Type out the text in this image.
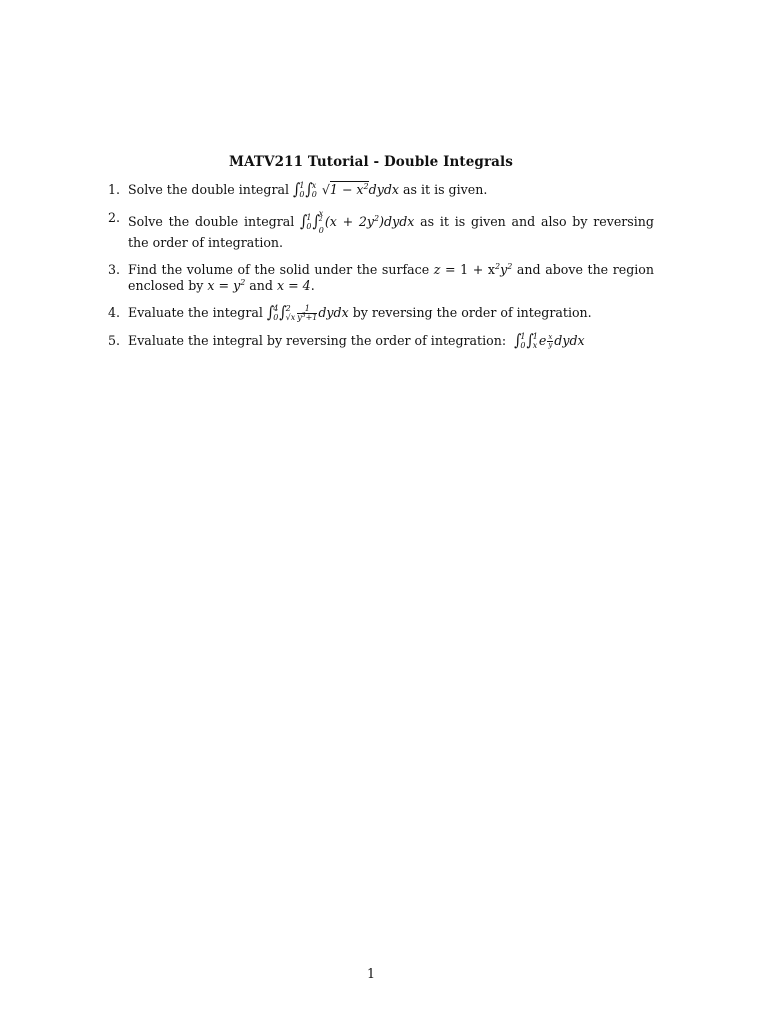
MATV211 Tutorial - Double Integrals
1. Solve the double integral ∫ 1
0 ∫ x
0 $√1 - x^2dydx$ as it is given.
2. Solve the double integral ∫ 1
0 ∫ x
$^2$
0
$(x + 2y^2)dydx$ as it is given and also by reversing the order of integration.
3. Find the volume of the solid under the surface $z = 1 + x^2y^2$ and above the region enclosed by $x = y^2$ and x = 4.
4. Evaluate the integral ∫ 4
0 ∫ 2
$√x \frac{1}{y^3+1}$ dydx by reversing the order of integration.
5. Evaluate the integral by reversing the order of integration: ∫ 1
0 ∫ 1
x e $\frac{x}{y}$ dydx
1
